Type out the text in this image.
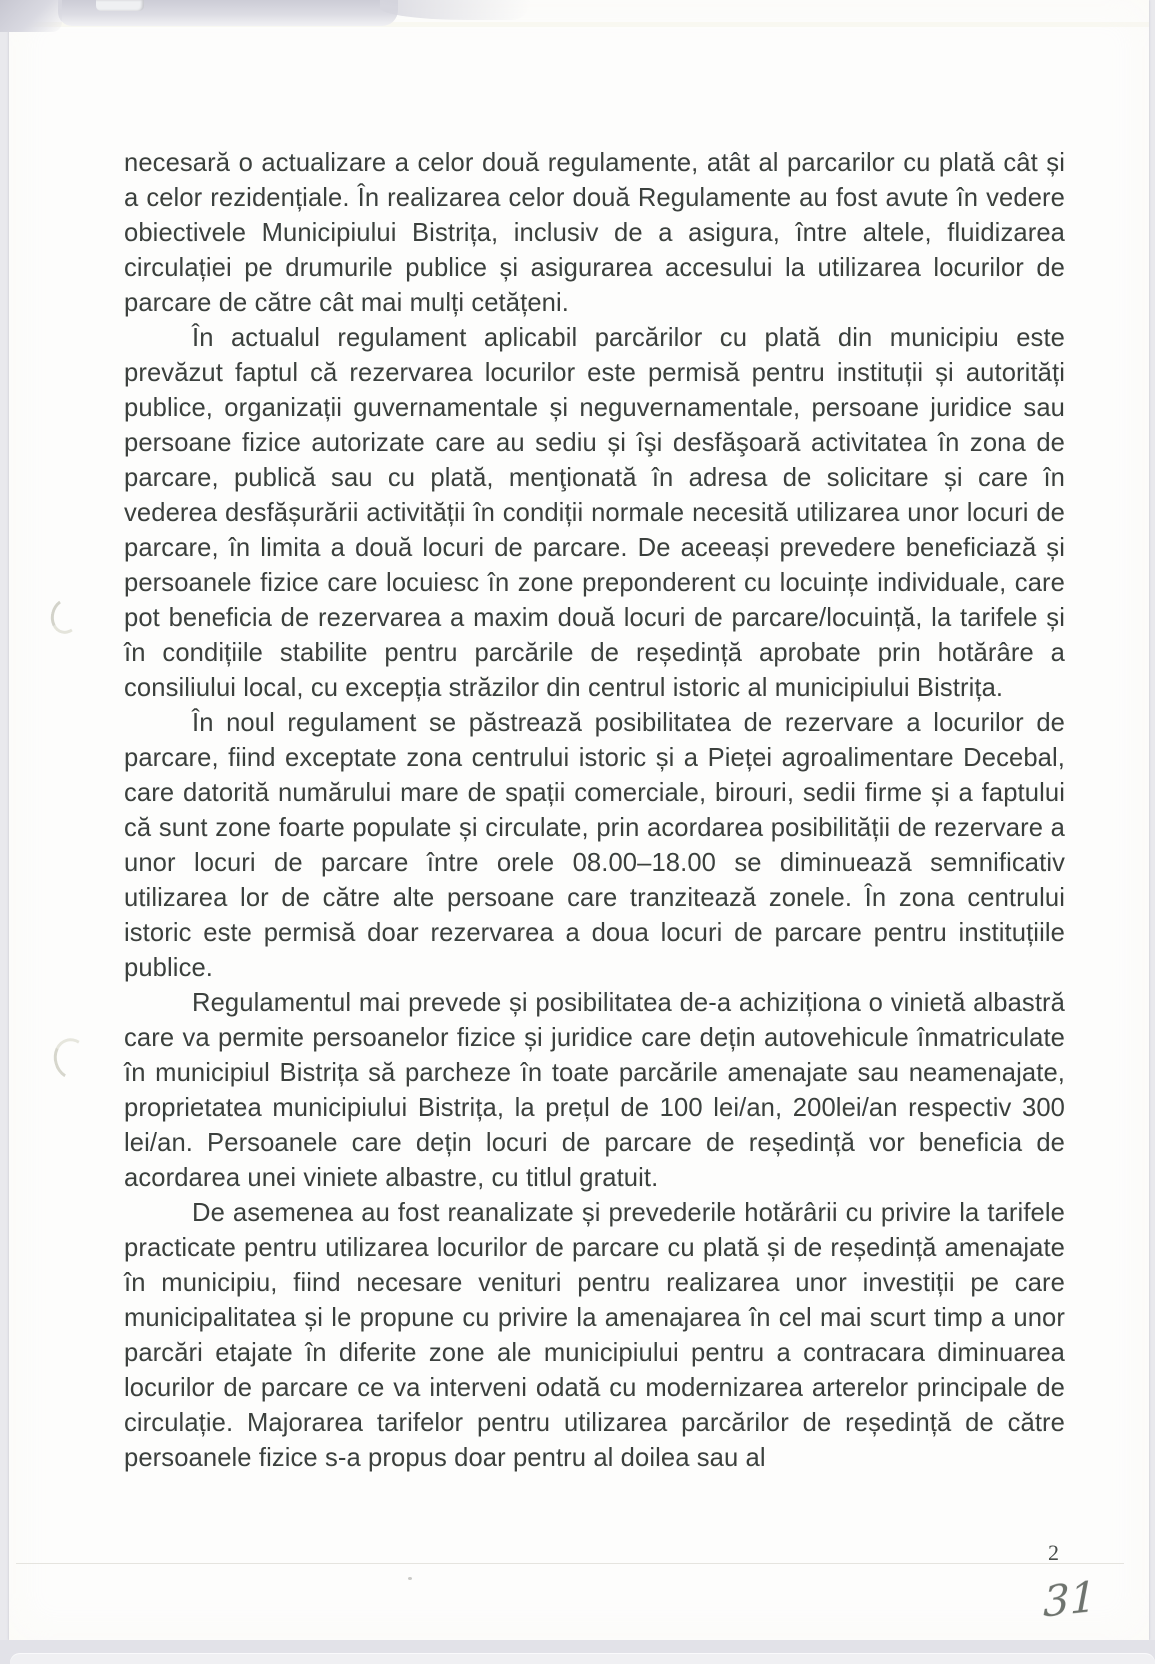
necesară o actualizare a celor două regulamente, atât al parcarilor cu plată cât și a celor rezidențiale. În realizarea celor două Regulamente au fost avute în vedere obiectivele Municipiului Bistrița, inclusiv de a asigura, între altele, fluidizarea circulației pe drumurile publice și asigurarea accesului la utilizarea locurilor de parcare de către cât mai mulți cetățeni.

În actualul regulament aplicabil parcărilor cu plată din municipiu este prevăzut faptul că rezervarea locurilor este permisă pentru instituții și autorități publice, organizații guvernamentale și neguvernamentale, persoane juridice sau persoane fizice autorizate care au sediu și îşi desfăşoară activitatea în zona de parcare, publică sau cu plată, menţionată în adresa de solicitare și care în vederea desfășurării activității în condiții normale necesită utilizarea unor locuri de parcare, în limita a două locuri de parcare. De aceeași prevedere beneficiază și persoanele fizice care locuiesc în zone preponderent cu locuințe individuale, care pot beneficia de rezervarea a maxim două locuri de parcare/locuință, la tarifele și în condițiile stabilite pentru parcările de reședință aprobate prin hotărâre a consiliului local, cu excepția străzilor din centrul istoric al municipiului Bistrița.

În noul regulament se păstrează posibilitatea de rezervare a locurilor de parcare, fiind exceptate zona centrului istoric și a Pieței agroalimentare Decebal, care datorită numărului mare de spații comerciale, birouri, sedii firme și a faptului că sunt zone foarte populate și circulate, prin acordarea posibilității de rezervare a unor locuri de parcare între orele 08.00–18.00 se diminuează semnificativ utilizarea lor de către alte persoane care tranzitează zonele. În zona centrului istoric este permisă doar rezervarea a doua locuri de parcare pentru instituțiile publice.

Regulamentul mai prevede și posibilitatea de-a achiziționa o vinietă albastră care va permite persoanelor fizice și juridice care dețin autovehicule înmatriculate în municipiul Bistrița să parcheze în toate parcările amenajate sau neamenajate, proprietatea municipiului Bistrița, la prețul de 100 lei/an, 200lei/an respectiv 300 lei/an. Persoanele care dețin locuri de parcare de reședință vor beneficia de acordarea unei viniete albastre, cu titlul gratuit.

De asemenea au fost reanalizate și prevederile hotărârii cu privire la tarifele practicate pentru utilizarea locurilor de parcare cu plată și de reședință amenajate în municipiu, fiind necesare venituri pentru realizarea unor investiții pe care municipalitatea și le propune cu privire la amenajarea în cel mai scurt timp a unor parcări etajate în diferite zone ale municipiului pentru a contracara diminuarea locurilor de parcare ce va interveni odată cu modernizarea arterelor principale de circulație. Majorarea tarifelor pentru utilizarea parcărilor de reședință de către persoanele fizice s-a propus doar pentru al doilea sau al

2
31
